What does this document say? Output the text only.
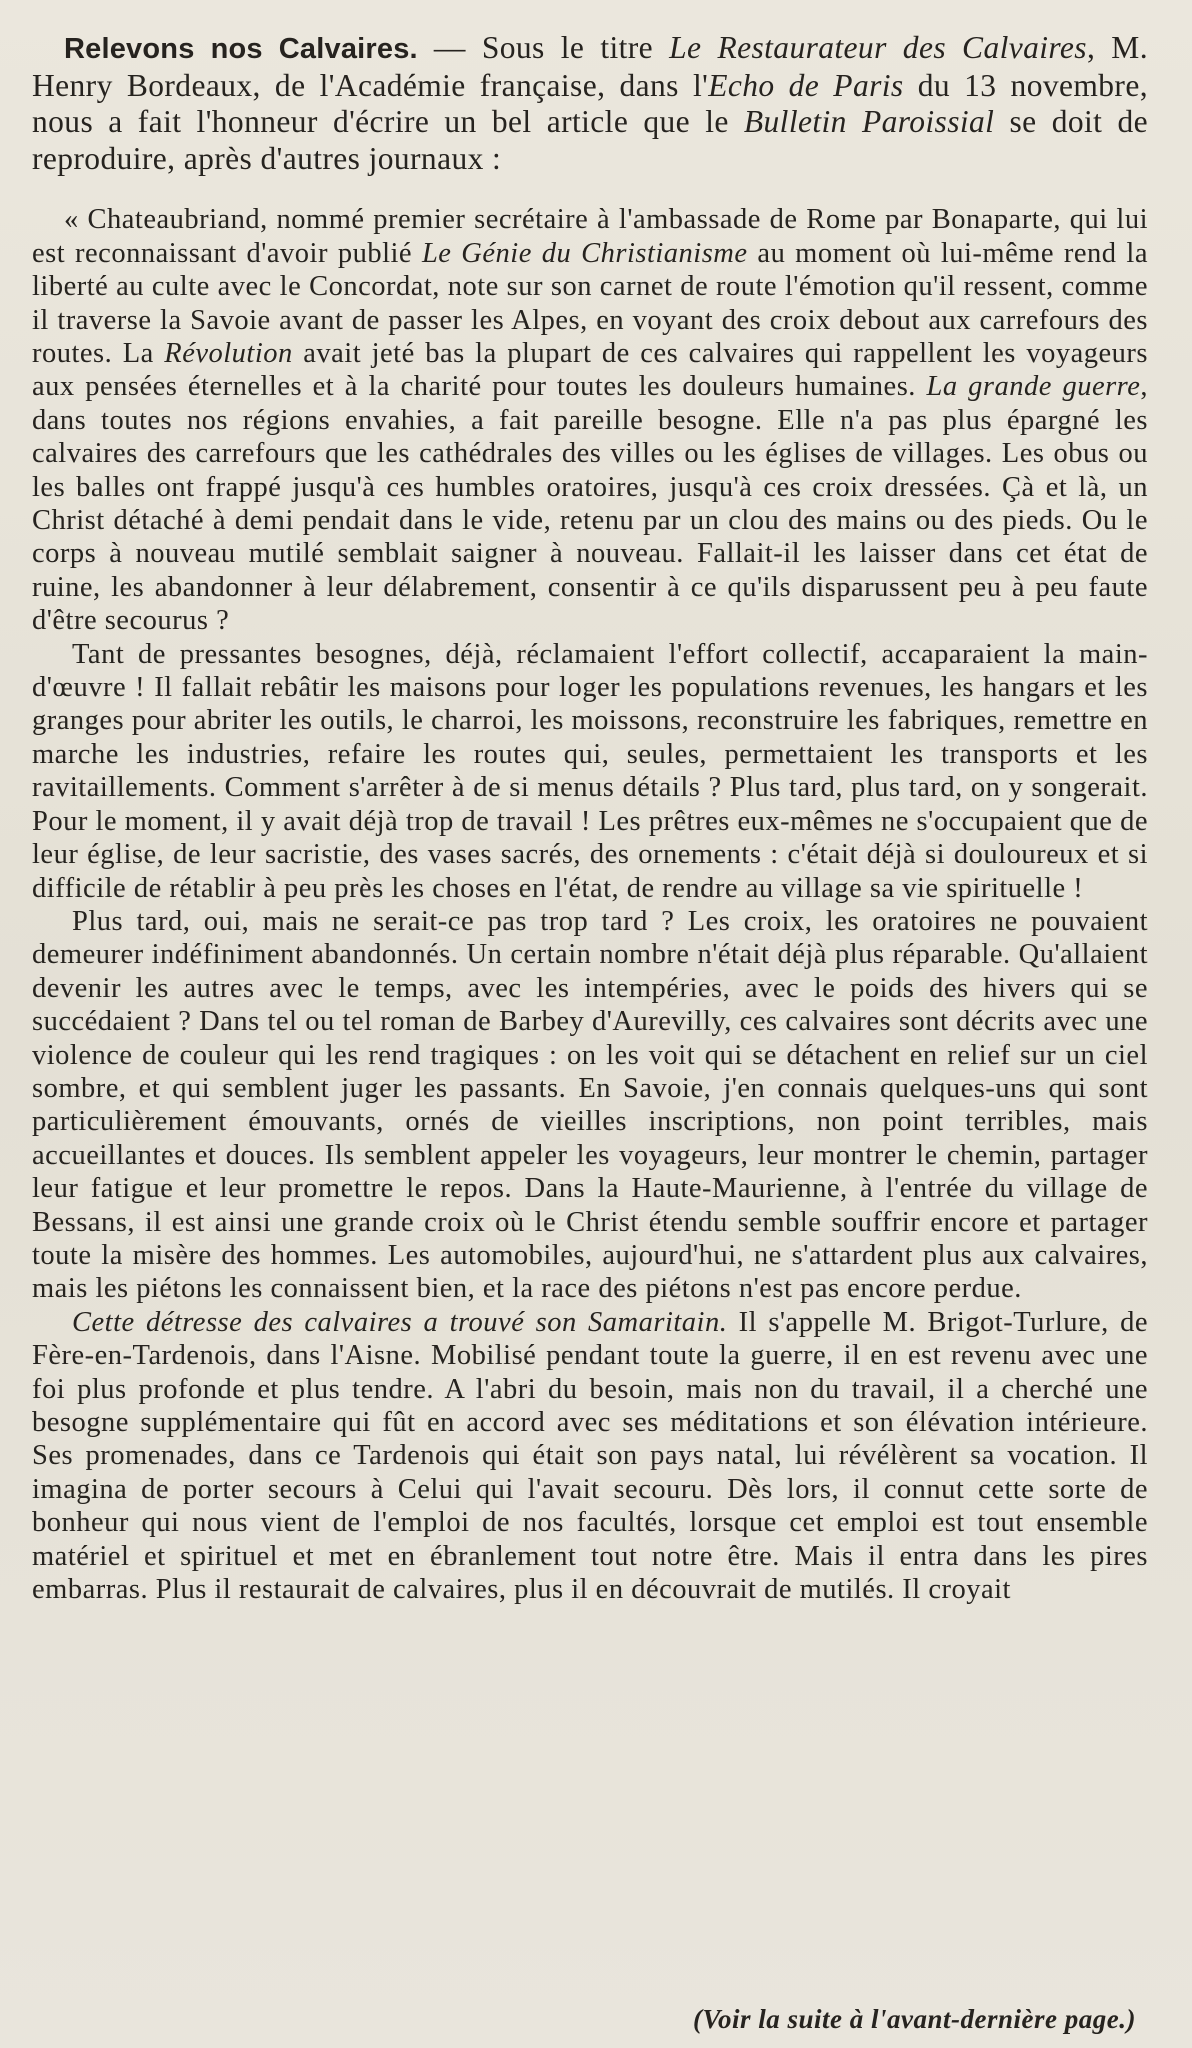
Relevons nos Calvaires. — Sous le titre Le Restaurateur des Calvaires, M. Henry Bordeaux, de l'Académie française, dans l'Echo de Paris du 13 novembre, nous a fait l'honneur d'écrire un bel article que le Bulletin Paroissial se doit de reproduire, après d'autres journaux :

« Chateaubriand, nommé premier secrétaire à l'ambassade de Rome par Bonaparte, qui lui est reconnaissant d'avoir publié Le Génie du Christianisme au moment où lui-même rend la liberté au culte avec le Concordat, note sur son carnet de route l'émotion qu'il ressent, comme il traverse la Savoie avant de passer les Alpes, en voyant des croix debout aux carrefours des routes. La Révolution avait jeté bas la plupart de ces calvaires qui rappellent les voyageurs aux pensées éternelles et à la charité pour toutes les douleurs humaines. La grande guerre, dans toutes nos régions envahies, a fait pareille besogne. Elle n'a pas plus épargné les calvaires des carrefours que les cathédrales des villes ou les églises de villages. Les obus ou les balles ont frappé jusqu'à ces humbles oratoires, jusqu'à ces croix dressées. Çà et là, un Christ détaché à demi pendait dans le vide, retenu par un clou des mains ou des pieds. Ou le corps à nouveau mutilé semblait saigner à nouveau. Fallait-il les laisser dans cet état de ruine, les abandonner à leur délabrement, consentir à ce qu'ils disparussent peu à peu faute d'être secourus ?

Tant de pressantes besognes, déjà, réclamaient l'effort collectif, accaparaient la main-d'œuvre ! Il fallait rebâtir les maisons pour loger les populations revenues, les hangars et les granges pour abriter les outils, le charroi, les moissons, reconstruire les fabriques, remettre en marche les industries, refaire les routes qui, seules, permettaient les transports et les ravitaillements. Comment s'arrêter à de si menus détails ? Plus tard, plus tard, on y songerait. Pour le moment, il y avait déjà trop de travail ! Les prêtres eux-mêmes ne s'occupaient que de leur église, de leur sacristie, des vases sacrés, des ornements : c'était déjà si douloureux et si difficile de rétablir à peu près les choses en l'état, de rendre au village sa vie spirituelle !

Plus tard, oui, mais ne serait-ce pas trop tard ? Les croix, les oratoires ne pouvaient demeurer indéfiniment abandonnés. Un certain nombre n'était déjà plus réparable. Qu'allaient devenir les autres avec le temps, avec les intempéries, avec le poids des hivers qui se succédaient ? Dans tel ou tel roman de Barbey d'Aurevilly, ces calvaires sont décrits avec une violence de couleur qui les rend tragiques : on les voit qui se détachent en relief sur un ciel sombre, et qui semblent juger les passants. En Savoie, j'en connais quelques-uns qui sont particulièrement émouvants, ornés de vieilles inscriptions, non point terribles, mais accueillantes et douces. Ils semblent appeler les voyageurs, leur montrer le chemin, partager leur fatigue et leur promettre le repos. Dans la Haute-Maurienne, à l'entrée du village de Bessans, il est ainsi une grande croix où le Christ étendu semble souffrir encore et partager toute la misère des hommes. Les automobiles, aujourd'hui, ne s'attardent plus aux calvaires, mais les piétons les connaissent bien, et la race des piétons n'est pas encore perdue.

Cette détresse des calvaires a trouvé son Samaritain. Il s'appelle M. Brigot-Turlure, de Fère-en-Tardenois, dans l'Aisne. Mobilisé pendant toute la guerre, il en est revenu avec une foi plus profonde et plus tendre. A l'abri du besoin, mais non du travail, il a cherché une besogne supplémentaire qui fût en accord avec ses méditations et son élévation intérieure. Ses promenades, dans ce Tardenois qui était son pays natal, lui révélèrent sa vocation. Il imagina de porter secours à Celui qui l'avait secouru. Dès lors, il connut cette sorte de bonheur qui nous vient de l'emploi de nos facultés, lorsque cet emploi est tout ensemble matériel et spirituel et met en ébranlement tout notre être. Mais il entra dans les pires embarras. Plus il restaurait de calvaires, plus il en découvrait de mutilés. Il croyait

(Voir la suite à l'avant-dernière page.)
